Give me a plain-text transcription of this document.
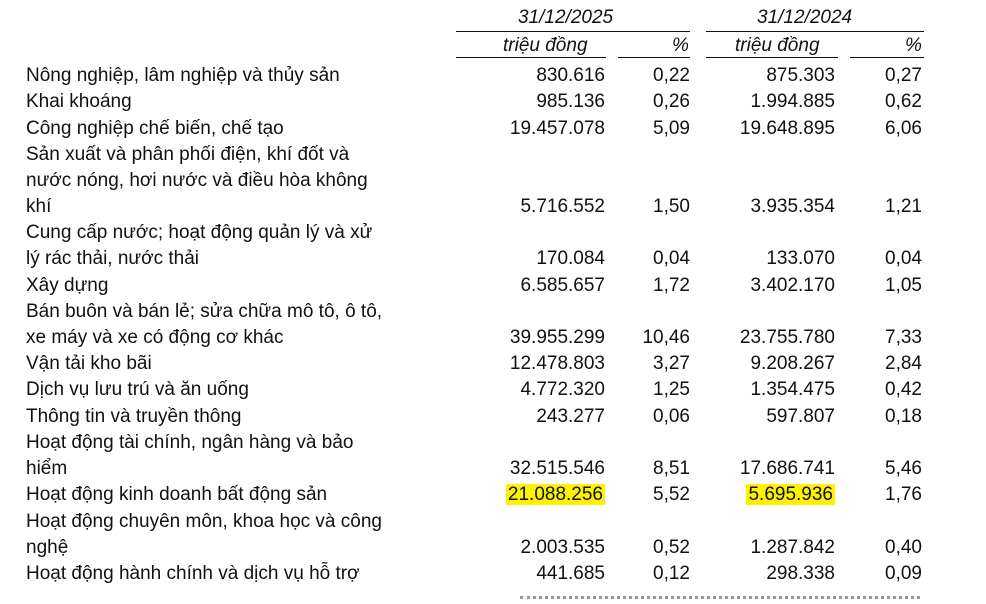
31/12/2025	31/12/2024
triệu đồng	% triệu đồng	%
Nông nghiệp, lâm nghiệp và thủy sản	830.616	0,22	875.303	0,27
Khai khoáng	985.136	0,26	1.994.885	0,62
Công nghiệp chế biến, chế tạo	19.457.078	5,09	19.648.895	6,06
Sản xuất và phân phối điện, khí đốt và
nước nóng, hơi nước và điều hòa không
khí	5.716.552	1,50	3.935.354	1,21
Cung cấp nước; hoạt động quản lý và xử
lý rác thải, nước thải	170.084	0,04	133.070	0,04
Xây dựng	6.585.657	1,72	3.402.170	1,05
Bán buôn và bán lẻ; sửa chữa mô tô, ô tô,
xe máy và xe có động cơ khác	39.955.299 10,46	23.755.780	7,33
Vận tải kho bãi	12.478.803	3,27	9.208.267	2,84
Dịch vụ lưu trú và ăn uống	4.772.320	1,25	1.354.475	0,42
Thông tin và truyền thông	243.277	0,06	597.807	0,18
Hoạt động tài chính, ngân hàng và bảo
hiểm	32.515.546	8,51	17.686.741	5,46
Hoạt động kinh doanh bất động sản	21.088.256	5,52	5.695.936	1,76
Hoạt động chuyên môn, khoa học và công
nghệ	2.003.535	0,52	1.287.842	0,40
Hoạt động hành chính và dịch vụ hỗ trợ	441.685	0,12	298.338	0,09
